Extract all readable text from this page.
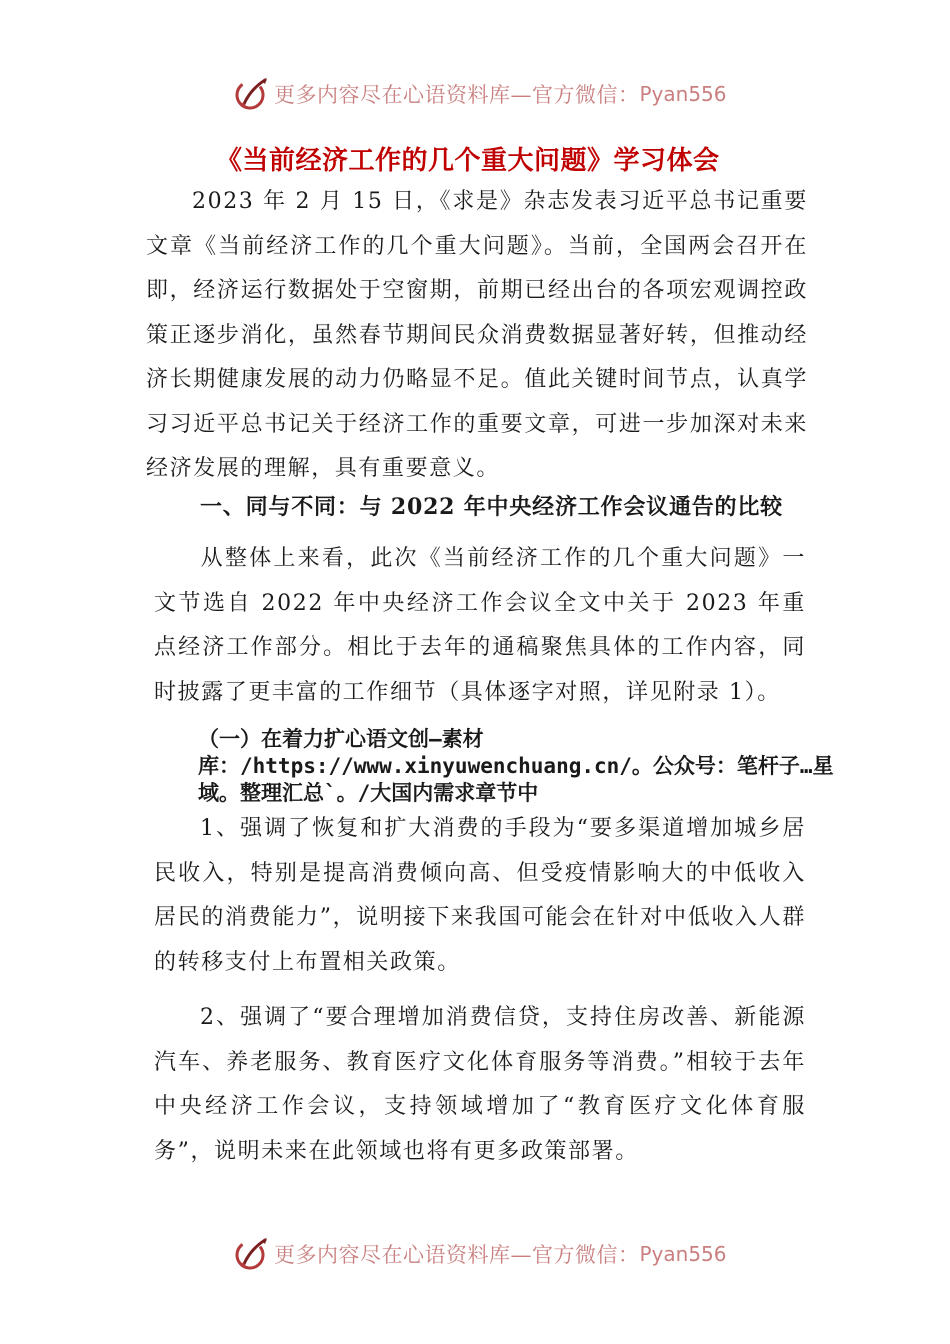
更多内容尽在心语资料库—官方微信： Pyan556
《当前经济工作的几个重大问题》学习体会

2023 年 2 月 15 日，《求是》杂志发表习近平总书记重要文章《当前经济工作的几个重大问题》。当前，全国两会召开在即，经济运行数据处于空窗期，前期已经出台的各项宏观调控政策正逐步消化，虽然春节期间民众消费数据显著好转，但推动经济长期健康发展的动力仍略显不足。值此关键时间节点，认真学习习近平总书记关于经济工作的重要文章，可进一步加深对未来经济发展的理解，具有重要意义。

一、同与不同：与 2022 年中央经济工作会议通告的比较

从整体上来看，此次《当前经济工作的几个重大问题》一文节选自 2022 年中央经济工作会议全文中关于 2023 年重点经济工作部分。相比于去年的通稿聚焦具体的工作内容，同时披露了更丰富的工作细节（具体逐字对照，详见附录 1）。

（一）在着力扩心语文创—素材库：/https://www.xinyuwenchuang.cn/。公众号：笔杆子…星域。整理汇总`。/大国内需求章节中

1、强调了恢复和扩大消费的手段为“要多渠道增加城乡居民收入，特别是提高消费倾向高、但受疫情影响大的中低收入居民的消费能力”，说明接下来我国可能会在针对中低收入人群的转移支付上布置相关政策。

2、强调了“要合理增加消费信贷，支持住房改善、新能源汽车、养老服务、教育医疗文化体育服务等消费。”相较于去年中央经济工作会议，支持领域增加了“教育医疗文化体育服务”，说明未来在此领域也将有更多政策部署。

更多内容尽在心语资料库—官方微信： Pyan556
